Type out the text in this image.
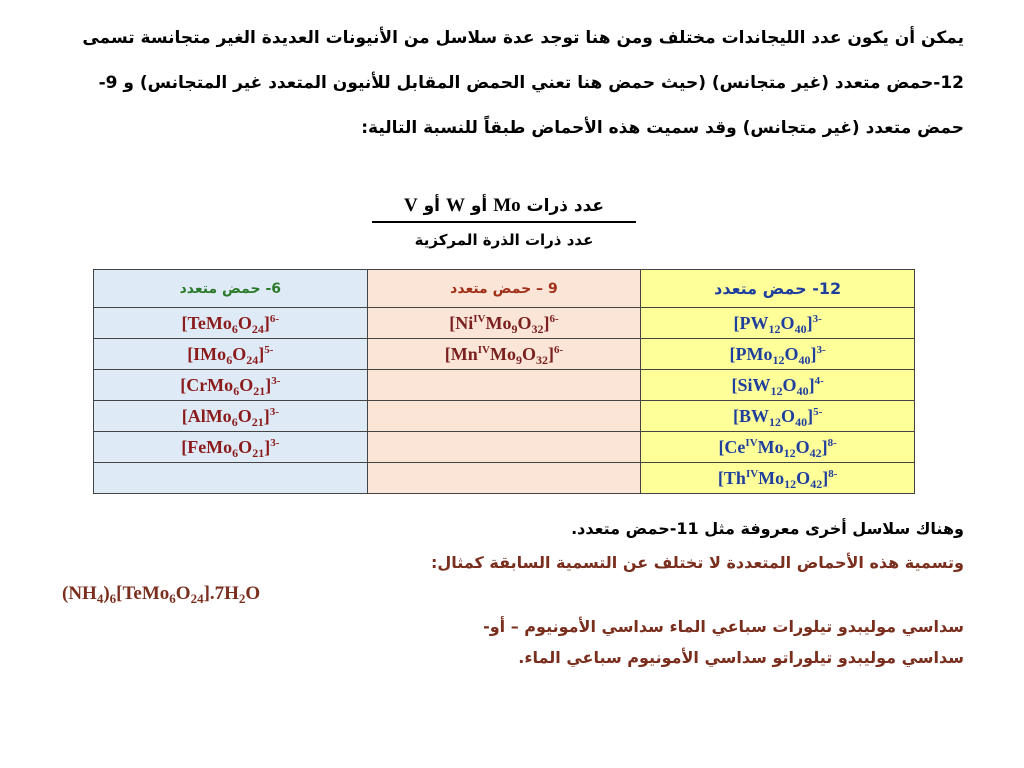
يمكن أن يكون عدد الليجاندات مختلف ومن هنا توجد عدة سلاسل من الأنيونات العديدة الغير متجانسة تسمى
12-حمض متعدد (غير متجانس) (حيث حمض هنا تعني الحمض المقابل للأنيون المتعدد غير المتجانس) و 9-
حمض متعدد (غير متجانس) وقد سميت هذه الأحماض طبقاً للنسبة التالية:
عدد ذرات Mo أو W أو V
عدد ذرات الذرة المركزية
12- حمض متعدد	9 – حمض متعدد	6- حمض متعدد
$[PW_{12}O_{40}]^{3-}$	$[Ni^{IV}Mo_9O_{32}]^{6-}$	$[TeMo_6O_{24}]^{6-}$
$[PMo_{12}O_{40}]^{3-}$	$[Mn^{IV}Mo_9O_{32}]^{6-}$	$[IMo_6O_{24}]^{5-}$
$[SiW_{12}O_{40}]^{4-}$		$[CrMo_6O_{21}]^{3-}$
$[BW_{12}O_{40}]^{5-}$		$[AlMo_6O_{21}]^{3-}$
$[Ce^{IV}Mo_{12}O_{42}]^{8-}$		$[FeMo_6O_{21}]^{3-}$
$[Th^{IV}Mo_{12}O_{42}]^{8-}$		
وهناك سلاسل أخرى معروفة مثل 11-حمض متعدد.
وتسمية هذه الأحماض المتعددة لا تختلف عن التسمية السابقة كمثال:
سداسي موليبدو تيلورات سباعي الماء سداسي الأمونيوم – أو-
سداسي موليبدو تيلوراتو سداسي الأمونيوم سباعي الماء.
$(NH_4)_6[TeMo_6O_{24}].7H_2O$
